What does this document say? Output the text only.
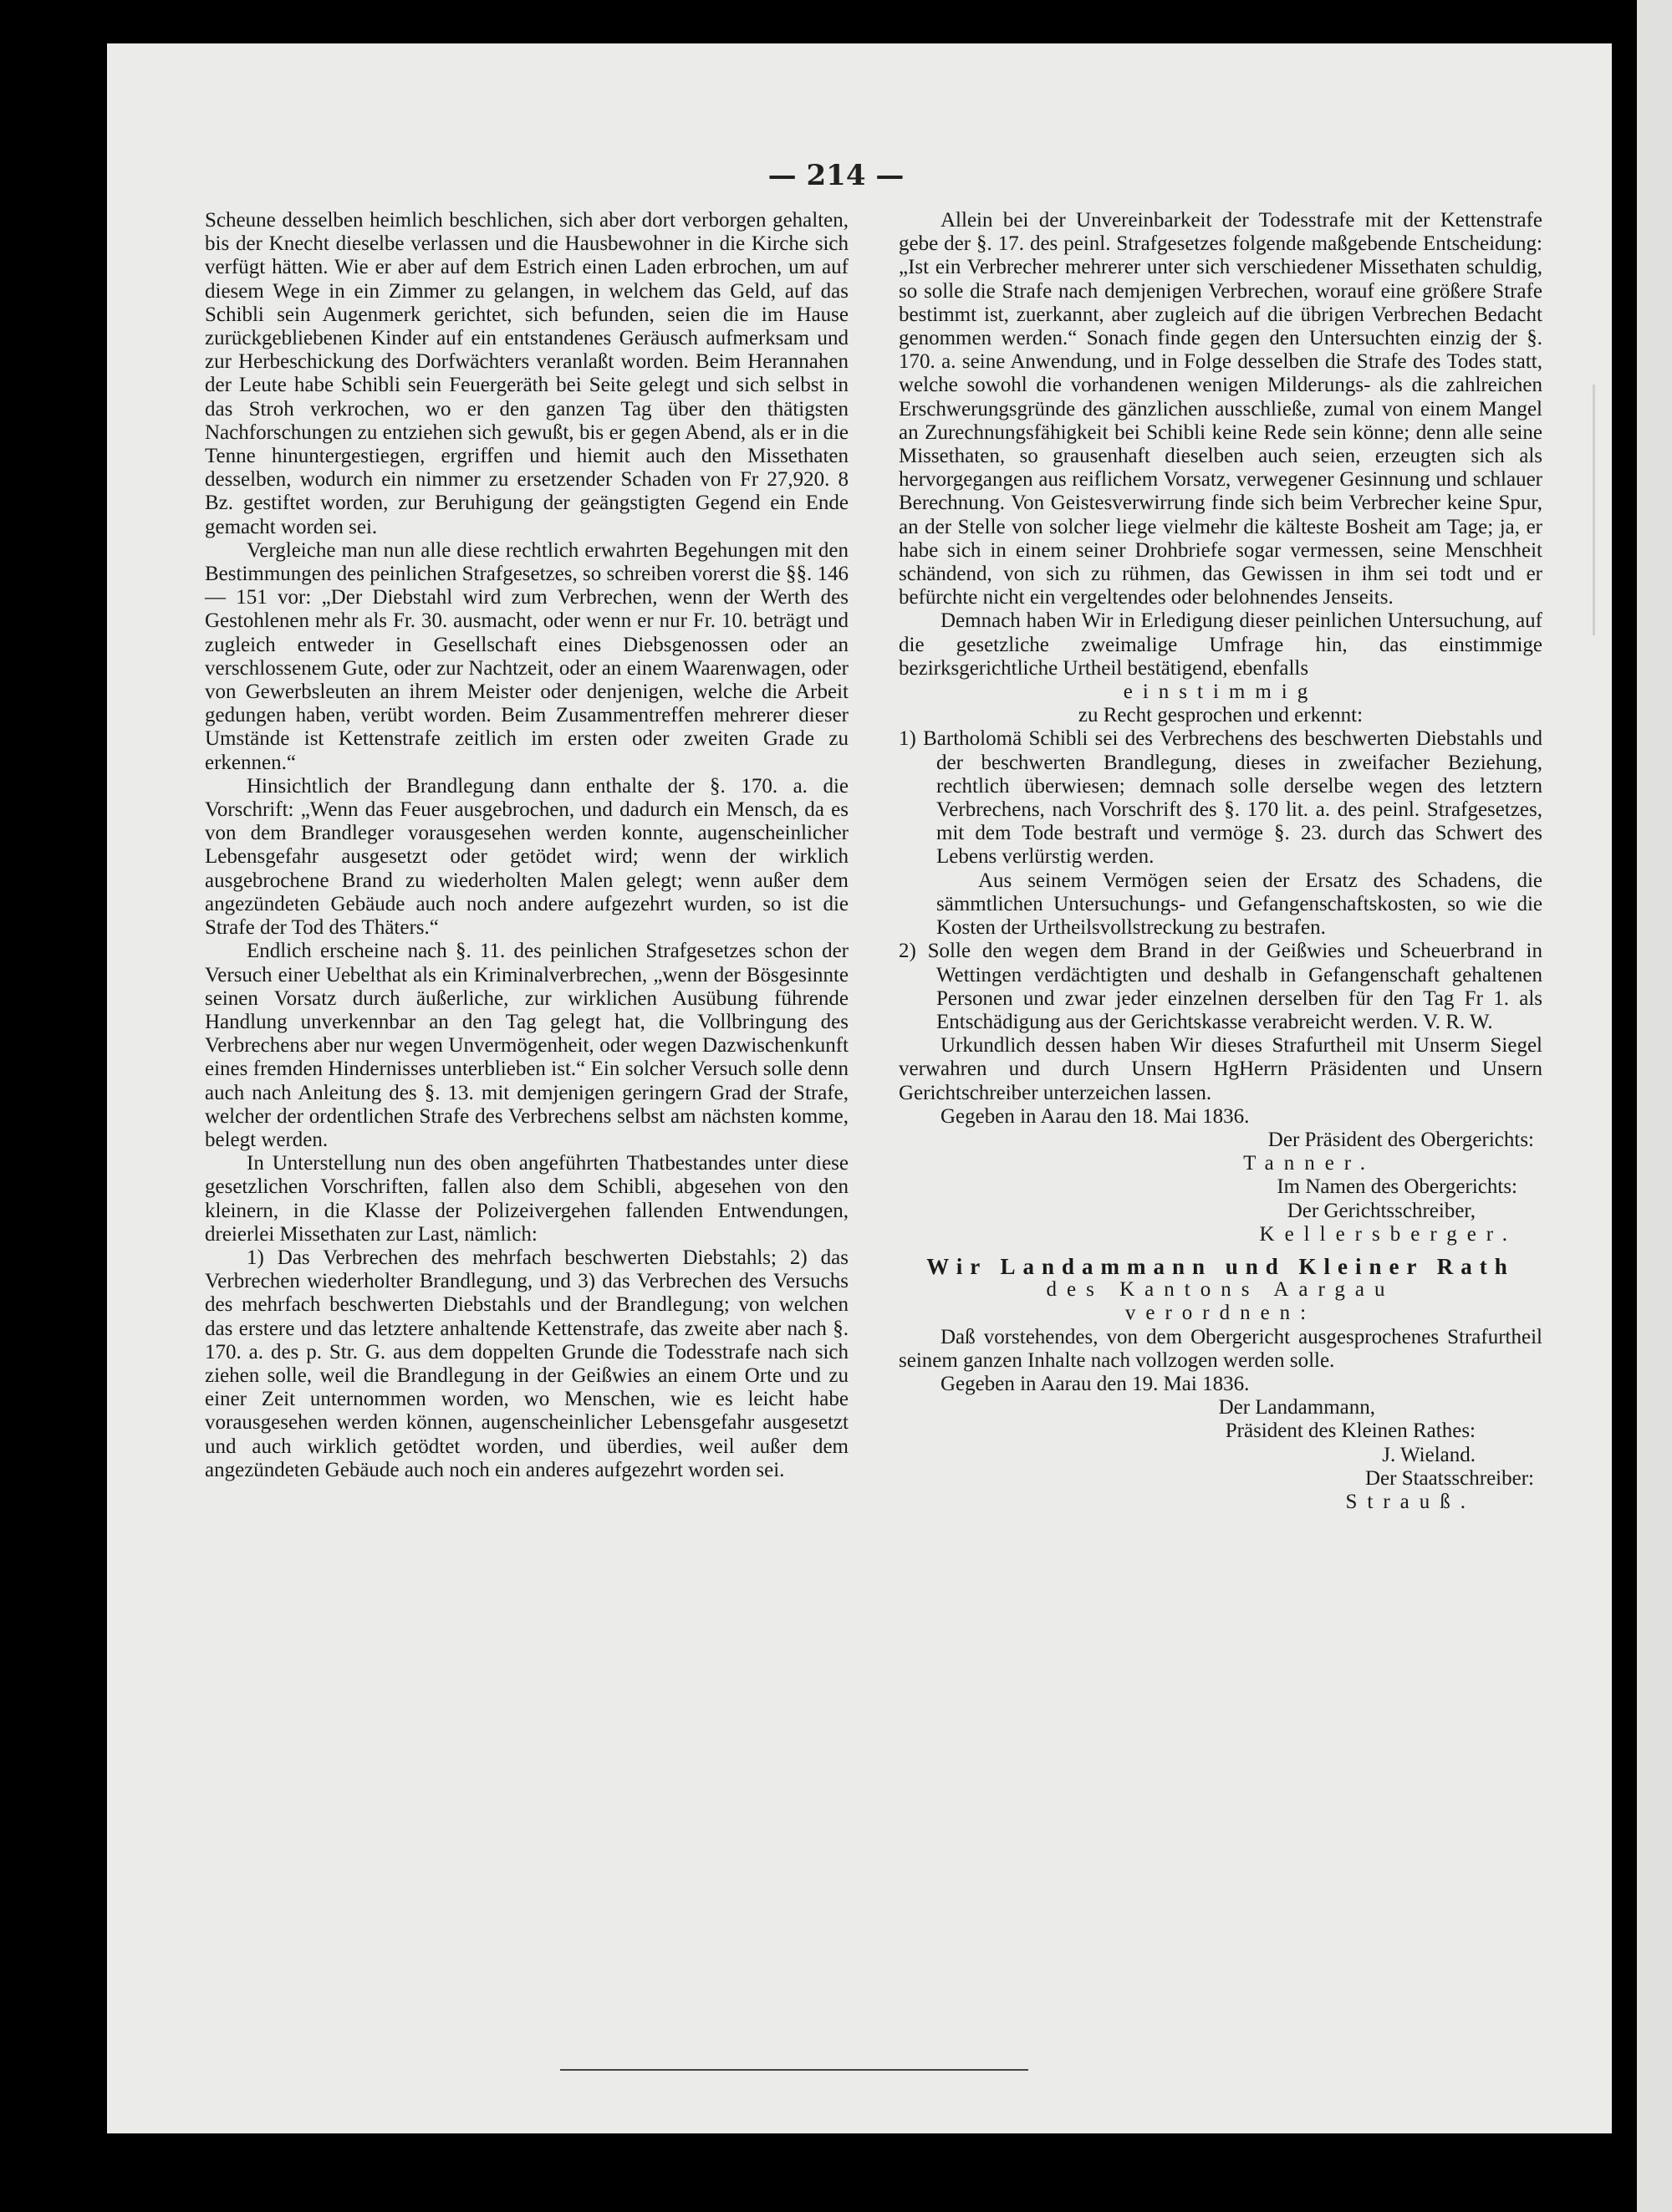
— 214 —

Scheune desselben heimlich beschlichen, sich aber dort verborgen gehalten, bis der Knecht dieselbe verlassen und die Hausbewohner in die Kirche sich verfügt hätten. Wie er aber auf dem Estrich einen Laden erbrochen, um auf diesem Wege in ein Zimmer zu gelangen, in welchem das Geld, auf das Schibli sein Augenmerk gerichtet, sich befunden, seien die im Hause zurückgebliebenen Kinder auf ein entstandenes Geräusch aufmerksam und zur Herbeschickung des Dorfwächters veranlaßt worden. Beim Herannahen der Leute habe Schibli sein Feuergeräth bei Seite gelegt und sich selbst in das Stroh verkrochen, wo er den ganzen Tag über den thätigsten Nachforschungen zu entziehen sich gewußt, bis er gegen Abend, als er in die Tenne hinuntergestiegen, ergriffen und hiemit auch den Missethaten desselben, wodurch ein nimmer zu ersetzender Schaden von Fr 27,920. 8 Bz. gestiftet worden, zur Beruhigung der geängstigten Gegend ein Ende gemacht worden sei.

Vergleiche man nun alle diese rechtlich erwahrten Begehungen mit den Bestimmungen des peinlichen Strafgesetzes, so schreiben vorerst die §§. 146 — 151 vor: „Der Diebstahl wird zum Verbrechen, wenn der Werth des Gestohlenen mehr als Fr. 30. ausmacht, oder wenn er nur Fr. 10. beträgt und zugleich entweder in Gesellschaft eines Diebsgenossen oder an verschlossenem Gute, oder zur Nachtzeit, oder an einem Waarenwagen, oder von Gewerbsleuten an ihrem Meister oder denjenigen, welche die Arbeit gedungen haben, verübt worden. Beim Zusammentreffen mehrerer dieser Umstände ist Kettenstrafe zeitlich im ersten oder zweiten Grade zu erkennen.“

Hinsichtlich der Brandlegung dann enthalte der §. 170. a. die Vorschrift: „Wenn das Feuer ausgebrochen, und dadurch ein Mensch, da es von dem Brandleger vorausgesehen werden konnte, augenscheinlicher Lebensgefahr ausgesetzt oder getödet wird; wenn der wirklich ausgebrochene Brand zu wiederholten Malen gelegt; wenn außer dem angezündeten Gebäude auch noch andere aufgezehrt wurden, so ist die Strafe der Tod des Thäters.“

Endlich erscheine nach §. 11. des peinlichen Strafgesetzes schon der Versuch einer Uebelthat als ein Kriminalverbrechen, „wenn der Bösgesinnte seinen Vorsatz durch äußerliche, zur wirklichen Ausübung führende Handlung unverkennbar an den Tag gelegt hat, die Vollbringung des Verbrechens aber nur wegen Unvermögenheit, oder wegen Dazwischenkunft eines fremden Hindernisses unterblieben ist.“ Ein solcher Versuch solle denn auch nach Anleitung des §. 13. mit demjenigen geringern Grad der Strafe, welcher der ordentlichen Strafe des Verbrechens selbst am nächsten komme, belegt werden.

In Unterstellung nun des oben angeführten Thatbestandes unter diese gesetzlichen Vorschriften, fallen also dem Schibli, abgesehen von den kleinern, in die Klasse der Polizeivergehen fallenden Entwendungen, dreierlei Missethaten zur Last, nämlich:

1) Das Verbrechen des mehrfach beschwerten Diebstahls; 2) das Verbrechen wiederholter Brandlegung, und 3) das Verbrechen des Versuchs des mehrfach beschwerten Diebstahls und der Brandlegung; von welchen das erstere und das letztere anhaltende Kettenstrafe, das zweite aber nach §. 170. a. des p. Str. G. aus dem doppelten Grunde die Todesstrafe nach sich ziehen solle, weil die Brandlegung in der Geißwies an einem Orte und zu einer Zeit unternommen worden, wo Menschen, wie es leicht habe vorausgesehen werden können, augenscheinlicher Lebensgefahr ausgesetzt und auch wirklich getödtet worden, und überdies, weil außer dem angezündeten Gebäude auch noch ein anderes aufgezehrt worden sei.

Allein bei der Unvereinbarkeit der Todesstrafe mit der Kettenstrafe gebe der §. 17. des peinl. Strafgesetzes folgende maßgebende Entscheidung: „Ist ein Verbrecher mehrerer unter sich verschiedener Missethaten schuldig, so solle die Strafe nach demjenigen Verbrechen, worauf eine größere Strafe bestimmt ist, zuerkannt, aber zugleich auf die übrigen Verbrechen Bedacht genommen werden.“ Sonach finde gegen den Untersuchten einzig der §. 170. a. seine Anwendung, und in Folge desselben die Strafe des Todes statt, welche sowohl die vorhandenen wenigen Milderungs- als die zahlreichen Erschwerungsgründe des gänzlichen ausschließe, zumal von einem Mangel an Zurechnungsfähigkeit bei Schibli keine Rede sein könne; denn alle seine Missethaten, so grausenhaft dieselben auch seien, erzeugten sich als hervorgegangen aus reiflichem Vorsatz, verwegener Gesinnung und schlauer Berechnung. Von Geistesverwirrung finde sich beim Verbrecher keine Spur, an der Stelle von solcher liege vielmehr die kälteste Bosheit am Tage; ja, er habe sich in einem seiner Drohbriefe sogar vermessen, seine Menschheit schändend, von sich zu rühmen, das Gewissen in ihm sei todt und er befürchte nicht ein vergeltendes oder belohnendes Jenseits.

Demnach haben Wir in Erledigung dieser peinlichen Untersuchung, auf die gesetzliche zweimalige Umfrage hin, das einstimmige bezirksgerichtliche Urtheil bestätigend, ebenfalls

einstimmig

zu Recht gesprochen und erkennt:

1) Bartholomä Schibli sei des Verbrechens des beschwerten Diebstahls und der beschwerten Brandlegung, dieses in zweifacher Beziehung, rechtlich überwiesen; demnach solle derselbe wegen des letztern Verbrechens, nach Vorschrift des §. 170 lit. a. des peinl. Strafgesetzes, mit dem Tode bestraft und vermöge §. 23. durch das Schwert des Lebens verlürstig werden.

Aus seinem Vermögen seien der Ersatz des Schadens, die sämmtlichen Untersuchungs- und Gefangenschaftskosten, so wie die Kosten der Urtheilsvollstreckung zu bestrafen.

2) Solle den wegen dem Brand in der Geißwies und Scheuerbrand in Wettingen verdächtigten und deshalb in Gefangenschaft gehaltenen Personen und zwar jeder einzelnen derselben für den Tag Fr 1. als Entschädigung aus der Gerichtskasse verabreicht werden. V. R. W.

Urkundlich dessen haben Wir dieses Strafurtheil mit Unserm Siegel verwahren und durch Unsern HgHerrn Präsidenten und Unsern Gerichtschreiber unterzeichen lassen.

Gegeben in Aarau den 18. Mai 1836.

Der Präsident des Obergerichts:

Tanner.

Im Namen des Obergerichts:

Der Gerichtsschreiber,

Kellersberger.

Wir Landammann und Kleiner Rath

des Kantons Aargau

verordnen:

Daß vorstehendes, von dem Obergericht ausgesprochenes Strafurtheil seinem ganzen Inhalte nach vollzogen werden solle.

Gegeben in Aarau den 19. Mai 1836.

Der Landammann,

Präsident des Kleinen Rathes:

J. Wieland.

Der Staatsschreiber:

Strauß.
